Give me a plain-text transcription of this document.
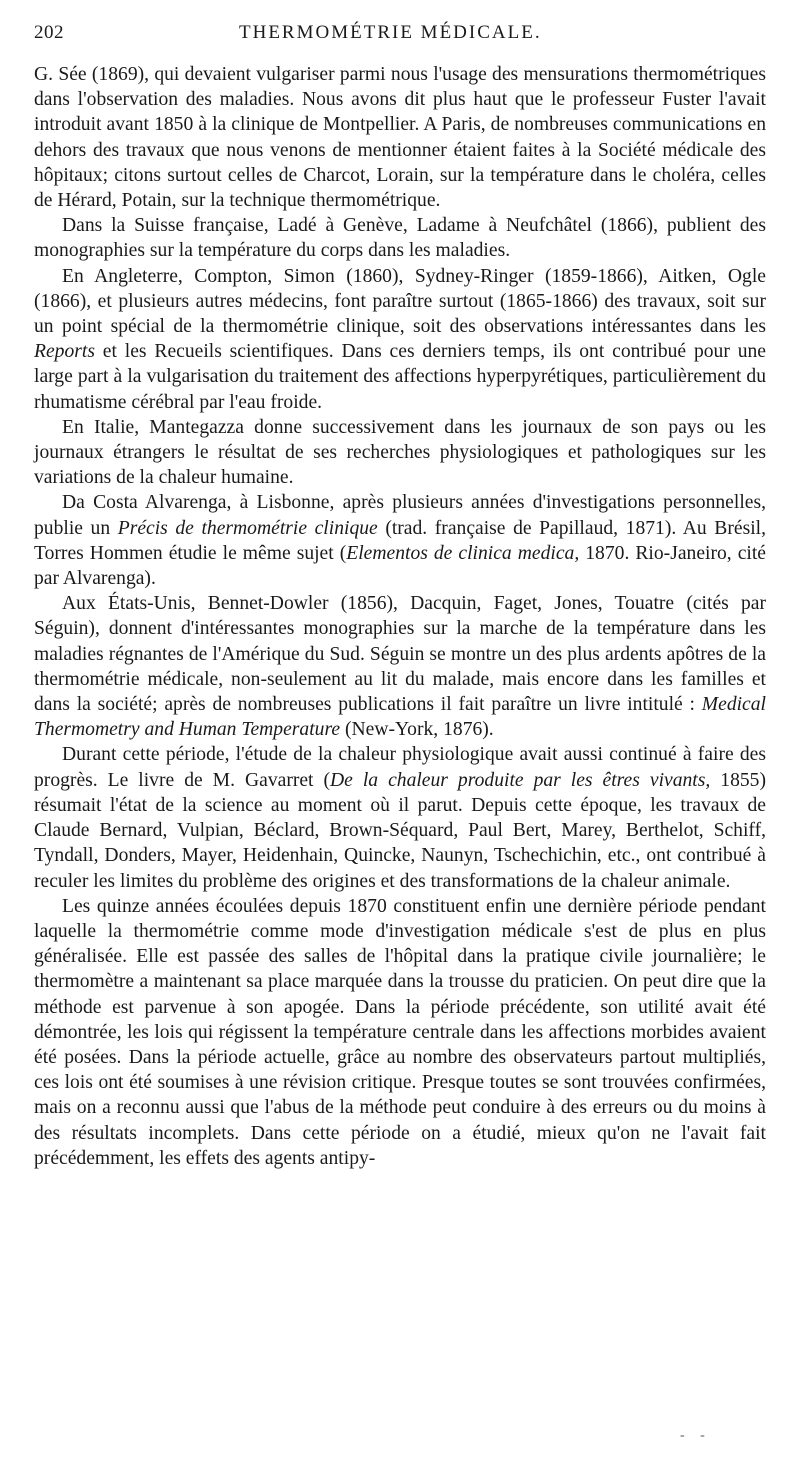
202	THERMOMÉTRIE MÉDICALE.

G. Sée (1869), qui devaient vulgariser parmi nous l'usage des mensurations thermométriques dans l'observation des maladies. Nous avons dit plus haut que le professeur Fuster l'avait introduit avant 1850 à la clinique de Montpellier. A Paris, de nombreuses communications en dehors des travaux que nous venons de mentionner étaient faites à la Société médicale des hôpitaux; citons surtout celles de Charcot, Lorain, sur la température dans le choléra, celles de Hérard, Potain, sur la technique thermométrique.

Dans la Suisse française, Ladé à Genève, Ladame à Neufchâtel (1866), publient des monographies sur la température du corps dans les maladies.

En Angleterre, Compton, Simon (1860), Sydney-Ringer (1859-1866), Aitken, Ogle (1866), et plusieurs autres médecins, font paraître surtout (1865-1866) des travaux, soit sur un point spécial de la thermométrie clinique, soit des observations intéressantes dans les Reports et les Recueils scientifiques. Dans ces derniers temps, ils ont contribué pour une large part à la vulgarisation du traitement des affections hyperpyrétiques, particulièrement du rhumatisme cérébral par l'eau froide.

En Italie, Mantegazza donne successivement dans les journaux de son pays ou les journaux étrangers le résultat de ses recherches physiologiques et pathologiques sur les variations de la chaleur humaine.

Da Costa Alvarenga, à Lisbonne, après plusieurs années d'investigations personnelles, publie un Précis de thermométrie clinique (trad. française de Papillaud, 1871). Au Brésil, Torres Hommen étudie le même sujet (Elementos de clinica medica, 1870. Rio-Janeiro, cité par Alvarenga).

Aux États-Unis, Bennet-Dowler (1856), Dacquin, Faget, Jones, Touatre (cités par Séguin), donnent d'intéressantes monographies sur la marche de la température dans les maladies régnantes de l'Amérique du Sud. Séguin se montre un des plus ardents apôtres de la thermométrie médicale, non-seulement au lit du malade, mais encore dans les familles et dans la société; après de nombreuses publications il fait paraître un livre intitulé : Medical Thermometry and Human Temperature (New-York, 1876).

Durant cette période, l'étude de la chaleur physiologique avait aussi continué à faire des progrès. Le livre de M. Gavarret (De la chaleur produite par les êtres vivants, 1855) résumait l'état de la science au moment où il parut. Depuis cette époque, les travaux de Claude Bernard, Vulpian, Béclard, Brown-Séquard, Paul Bert, Marey, Berthelot, Schiff, Tyndall, Donders, Mayer, Heidenhain, Quincke, Naunyn, Tschechichin, etc., ont contribué à reculer les limites du problème des origines et des transformations de la chaleur animale.

Les quinze années écoulées depuis 1870 constituent enfin une dernière période pendant laquelle la thermométrie comme mode d'investigation médicale s'est de plus en plus généralisée. Elle est passée des salles de l'hôpital dans la pratique civile journalière; le thermomètre a maintenant sa place marquée dans la trousse du praticien. On peut dire que la méthode est parvenue à son apogée. Dans la période précédente, son utilité avait été démontrée, les lois qui régissent la température centrale dans les affections morbides avaient été posées. Dans la période actuelle, grâce au nombre des observateurs partout multipliés, ces lois ont été soumises à une révision critique. Presque toutes se sont trouvées confirmées, mais on a reconnu aussi que l'abus de la méthode peut conduire à des erreurs ou du moins à des résultats incomplets. Dans cette période on a étudié, mieux qu'on ne l'avait fait précédemment, les effets des agents antipy-

- -
